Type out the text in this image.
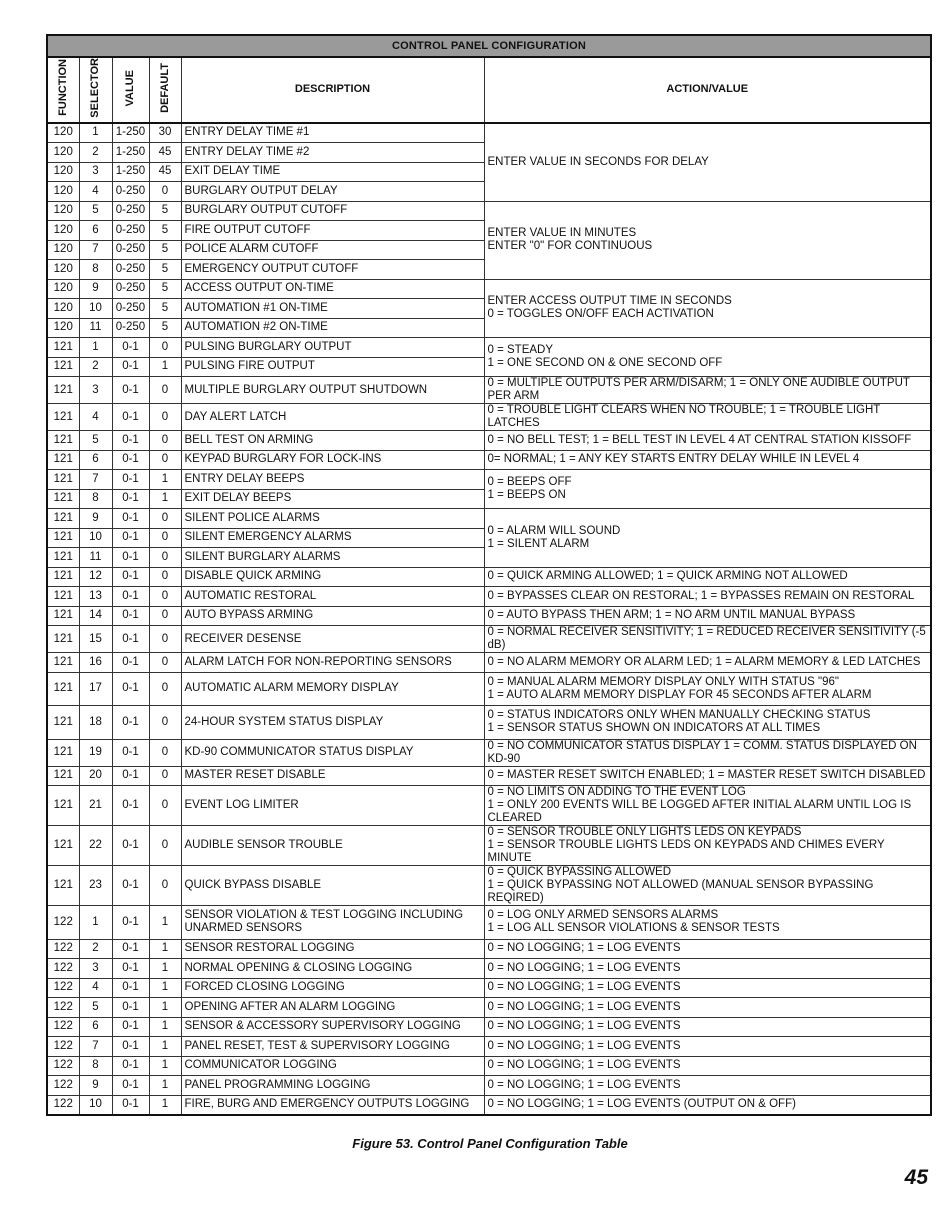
CONTROL PANEL CONFIGURATION					
FUNCTION	SELECTOR	VALUE	DEFAULT	DESCRIPTION	ACTION/VALUE
120	1	1-250	30	ENTRY DELAY TIME #1	ENTER VALUE IN SECONDS FOR DELAY

120	2	1-250	45	ENTRY DELAY TIME #2	
120	3	1-250	45	EXIT DELAY TIME	
120	4	0-250	0	BURGLARY OUTPUT DELAY	
120	5	0-250	5	BURGLARY OUTPUT CUTOFF	ENTER VALUE IN MINUTES
ENTER "0" FOR CONTINUOUS

120	6	0-250	5	FIRE OUTPUT CUTOFF	
120	7	0-250	5	POLICE ALARM CUTOFF	
120	8	0-250	5	EMERGENCY OUTPUT CUTOFF	
120	9	0-250	5	ACCESS OUTPUT ON-TIME	ENTER ACCESS OUTPUT TIME IN SECONDS
0 = TOGGLES ON/OFF EACH ACTIVATION

120	10	0-250	5	AUTOMATION #1 ON-TIME	
120	11	0-250	5	AUTOMATION #2 ON-TIME	
121	1	0-1	0	PULSING BURGLARY OUTPUT	0 = STEADY
1 = ONE SECOND ON & ONE SECOND OFF

121	2	0-1	1	PULSING FIRE OUTPUT	
121	3	0-1	0	MULTIPLE BURGLARY OUTPUT SHUTDOWN	0 = MULTIPLE OUTPUTS PER ARM/DISARM; 1 = ONLY ONE AUDIBLE OUTPUT PER ARM

121	4	0-1	0	DAY ALERT LATCH	0 = TROUBLE LIGHT CLEARS WHEN NO TROUBLE; 1 = TROUBLE LIGHT LATCHES

121	5	0-1	0	BELL TEST ON ARMING	0 = NO BELL TEST; 1 = BELL TEST IN LEVEL 4 AT CENTRAL STATION KISSOFF

121	6	0-1	0	KEYPAD BURGLARY FOR LOCK-INS	0= NORMAL; 1 = ANY KEY STARTS ENTRY DELAY WHILE IN LEVEL 4

121	7	0-1	1	ENTRY DELAY BEEPS	0 = BEEPS OFF
1 = BEEPS ON

121	8	0-1	1	EXIT DELAY BEEPS	
121	9	0-1	0	SILENT POLICE ALARMS	0 = ALARM WILL SOUND
1 = SILENT ALARM

121	10	0-1	0	SILENT EMERGENCY ALARMS	
121	11	0-1	0	SILENT BURGLARY ALARMS	
121	12	0-1	0	DISABLE QUICK ARMING	0 = QUICK ARMING ALLOWED; 1 = QUICK ARMING NOT ALLOWED

121	13	0-1	0	AUTOMATIC RESTORAL	0 = BYPASSES CLEAR ON RESTORAL; 1 = BYPASSES REMAIN ON RESTORAL

121	14	0-1	0	AUTO BYPASS ARMING	0 = AUTO BYPASS THEN ARM; 1 = NO ARM UNTIL MANUAL BYPASS

121	15	0-1	0	RECEIVER DESENSE	0 = NORMAL RECEIVER SENSITIVITY; 1 = REDUCED RECEIVER SENSITIVITY (-5 dB)

121	16	0-1	0	ALARM LATCH FOR NON-REPORTING SENSORS	0 = NO ALARM MEMORY OR ALARM LED; 1 = ALARM MEMORY & LED LATCHES

121	17	0-1	0	AUTOMATIC ALARM MEMORY DISPLAY	0 = MANUAL ALARM MEMORY DISPLAY ONLY WITH STATUS "96"
1 = AUTO ALARM MEMORY DISPLAY FOR 45 SECONDS AFTER ALARM

121	18	0-1	0	24-HOUR SYSTEM STATUS DISPLAY	0 = STATUS INDICATORS ONLY WHEN MANUALLY CHECKING STATUS
1 = SENSOR STATUS SHOWN ON INDICATORS AT ALL TIMES

121	19	0-1	0	KD-90 COMMUNICATOR STATUS DISPLAY	0 = NO COMMUNICATOR STATUS DISPLAY 1 = COMM. STATUS DISPLAYED ON KD-90

121	20	0-1	0	MASTER RESET DISABLE	0 = MASTER RESET SWITCH ENABLED; 1 = MASTER RESET SWITCH DISABLED

121	21	0-1	0	EVENT LOG LIMITER	0 = NO LIMITS ON ADDING TO THE EVENT LOG
1 = ONLY 200 EVENTS WILL BE LOGGED AFTER INITIAL ALARM UNTIL LOG IS CLEARED

121	22	0-1	0	AUDIBLE SENSOR TROUBLE	0 = SENSOR TROUBLE ONLY LIGHTS LEDS ON KEYPADS
1 = SENSOR TROUBLE LIGHTS LEDS ON KEYPADS AND CHIMES EVERY MINUTE

121	23	0-1	0	QUICK BYPASS DISABLE	0 = QUICK BYPASSING ALLOWED
1 = QUICK BYPASSING NOT ALLOWED (MANUAL SENSOR BYPASSING REQIRED)

122	1	0-1	1	SENSOR VIOLATION & TEST LOGGING INCLUDING UNARMED SENSORS	0 = LOG ONLY ARMED SENSORS ALARMS
1 = LOG ALL SENSOR VIOLATIONS & SENSOR TESTS

122	2	0-1	1	SENSOR RESTORAL LOGGING	0 = NO LOGGING; 1 = LOG EVENTS

122	3	0-1	1	NORMAL OPENING & CLOSING LOGGING	0 = NO LOGGING; 1 = LOG EVENTS

122	4	0-1	1	FORCED CLOSING LOGGING	0 = NO LOGGING; 1 = LOG EVENTS

122	5	0-1	1	OPENING AFTER AN ALARM LOGGING	0 = NO LOGGING; 1 = LOG EVENTS

122	6	0-1	1	SENSOR & ACCESSORY SUPERVISORY LOGGING	0 = NO LOGGING; 1 = LOG EVENTS

122	7	0-1	1	PANEL RESET, TEST & SUPERVISORY LOGGING	0 = NO LOGGING; 1 = LOG EVENTS

122	8	0-1	1	COMMUNICATOR LOGGING	0 = NO LOGGING; 1 = LOG EVENTS

122	9	0-1	1	PANEL PROGRAMMING LOGGING	0 = NO LOGGING; 1 = LOG EVENTS

122	10	0-1	1	FIRE, BURG AND EMERGENCY OUTPUTS LOGGING	0 = NO LOGGING; 1 = LOG EVENTS (OUTPUT ON & OFF)
Figure 53. Control Panel Configuration Table
45
